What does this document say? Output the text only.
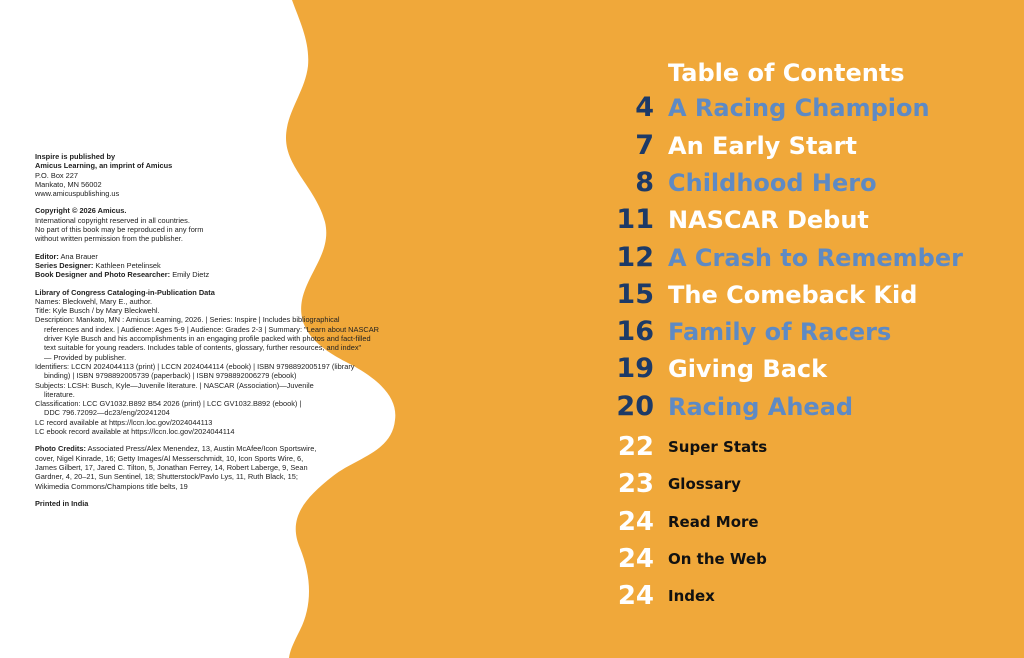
Inspire is published by

Amicus Learning, an imprint of Amicus

P.O. Box 227

Mankato, MN 56002

www.amicuspublishing.us

Copyright © 2026 Amicus.

International copyright reserved in all countries.

No part of this book may be reproduced in any form

without written permission from the publisher.

Editor: Ana Brauer

Series Designer: Kathleen Petelinsek

Book Designer and Photo Researcher: Emily Dietz

Library of Congress Cataloging-in-Publication Data

Names: Bleckwehl, Mary E., author.

Title: Kyle Busch / by Mary Bleckwehl.

Description: Mankato, MN : Amicus Learning, 2026. | Series: Inspire | Includes bibliographical

references and index. | Audience: Ages 5-9 | Audience: Grades 2-3 | Summary: "Learn about NASCAR

driver Kyle Busch and his accomplishments in an engaging profile packed with photos and fact-filled

text suitable for young readers. Includes table of contents, glossary, further resources, and index"

— Provided by publisher.

Identifiers: LCCN 2024044113 (print) | LCCN 2024044114 (ebook) | ISBN 9798892005197 (library

binding) | ISBN 9798892005739 (paperback) | ISBN 9798892006279 (ebook)

Subjects: LCSH: Busch, Kyle—Juvenile literature. | NASCAR (Association)—Juvenile

literature.

Classification: LCC GV1032.B892 B54 2026 (print) | LCC GV1032.B892 (ebook) |

DDC 796.72092—dc23/eng/20241204

LC record available at https://lccn.loc.gov/2024044113

LC ebook record available at https://lccn.loc.gov/2024044114

Photo Credits: Associated Press/Alex Menendez, 13, Austin McAfee/Icon Sportswire,

cover, Nigel Kinrade, 16; Getty Images/Al Messerschmidt, 10, Icon Sports Wire, 6,

James Gilbert, 17, Jared C. Tilton, 5, Jonathan Ferrey, 14, Robert Laberge, 9, Sean

Gardner, 4, 20–21, Sun Sentinel, 18; Shutterstock/Pavlo Lys, 11, Ruth Black, 15;

Wikimedia Commons/Champions title belts, 19

Printed in India

Table of Contents
4 A Racing Champion
7 An Early Start
8 Childhood Hero
11 NASCAR Debut
12 A Crash to Remember
15 The Comeback Kid
16 Family of Racers
19 Giving Back
20 Racing Ahead
22 Super Stats
23 Glossary
24 Read More
24 On the Web
24 Index
